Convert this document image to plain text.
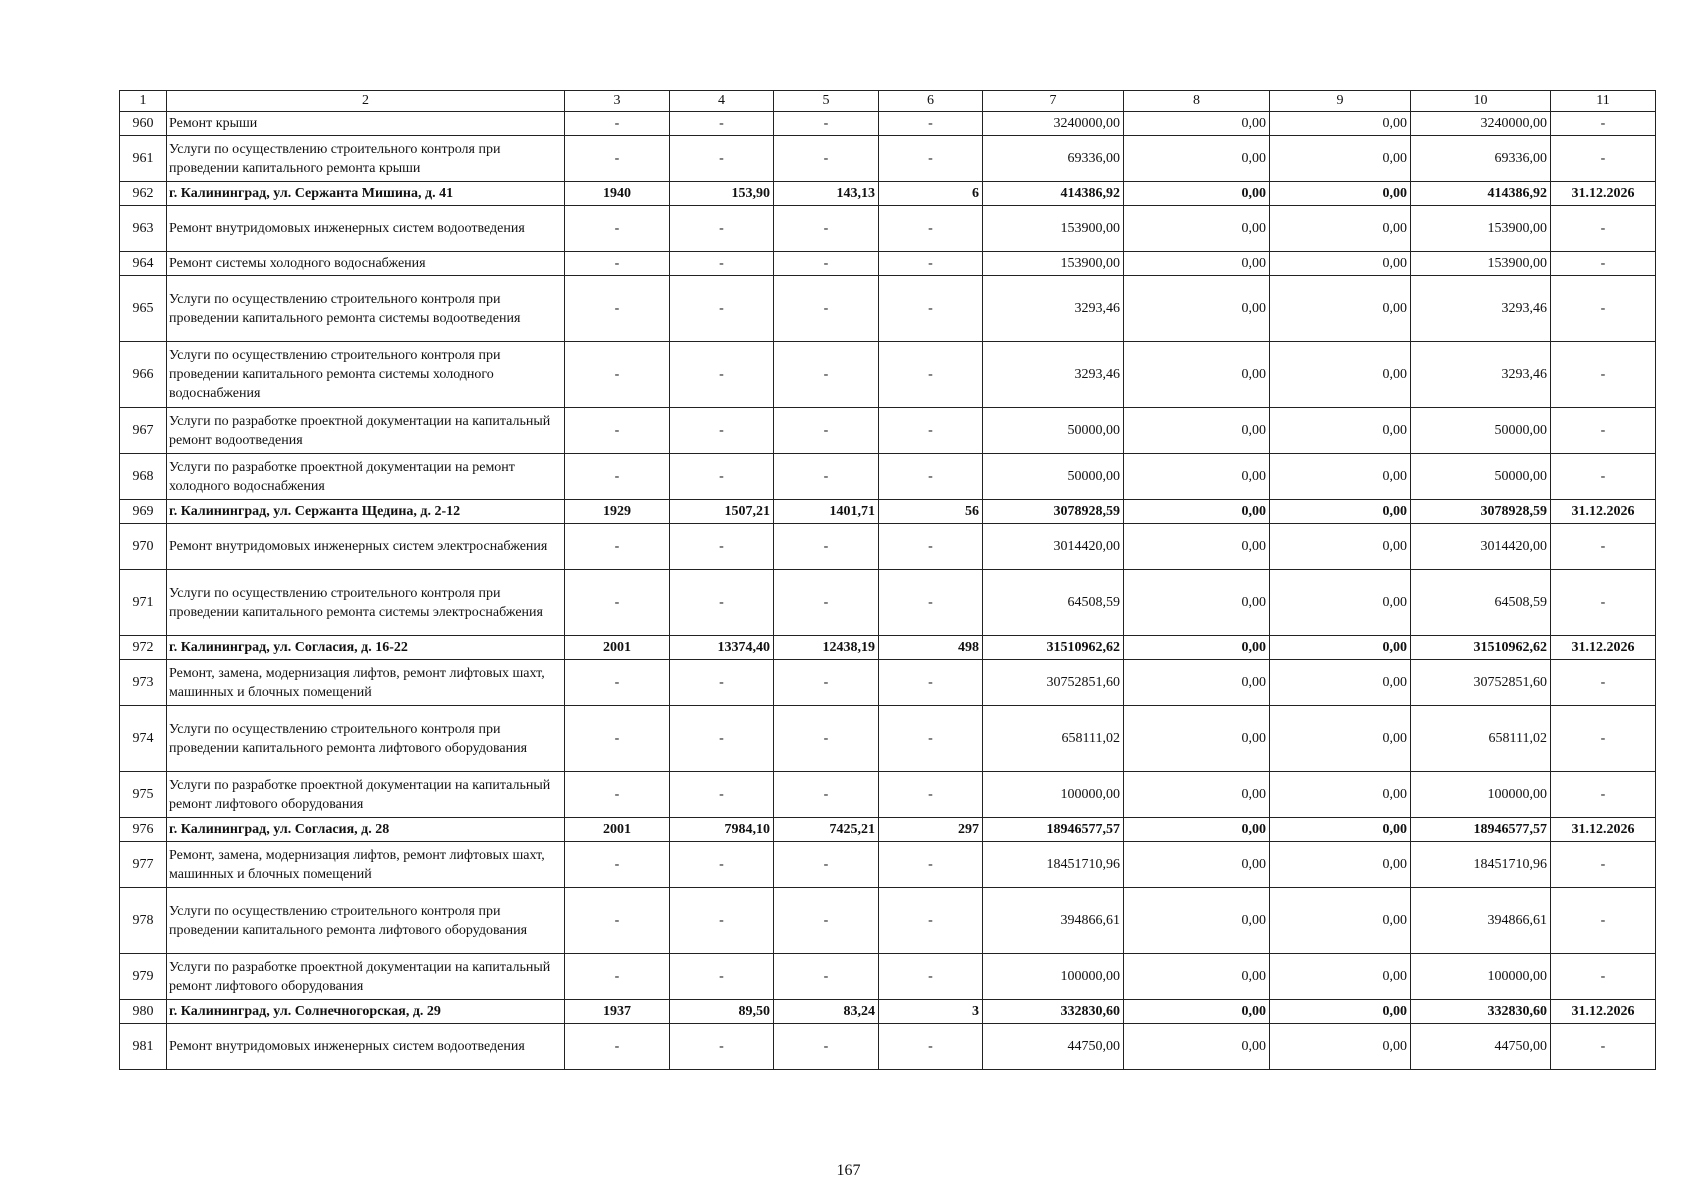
1	2	3	4	5	6	7	8	9	10	11
960	Ремонт крыши	-	-	-	-	3240000,00	0,00	0,00	3240000,00	-
961	Услуги по осуществлению строительного контроля при проведении капитального ремонта крыши	-	-	-	-	69336,00	0,00	0,00	69336,00	-
962	г. Калининград, ул. Сержанта Мишина, д. 41	1940	153,90	143,13	6	414386,92	0,00	0,00	414386,92	31.12.2026
963	Ремонт внутридомовых инженерных систем водоотведения	-	-	-	-	153900,00	0,00	0,00	153900,00	-
964	Ремонт системы холодного водоснабжения	-	-	-	-	153900,00	0,00	0,00	153900,00	-
965	Услуги по осуществлению строительного контроля при проведении капитального ремонта системы водоотведения	-	-	-	-	3293,46	0,00	0,00	3293,46	-
966	Услуги по осуществлению строительного контроля при проведении капитального ремонта системы холодного водоснабжения	-	-	-	-	3293,46	0,00	0,00	3293,46	-
967	Услуги по разработке проектной документации на капитальный ремонт водоотведения	-	-	-	-	50000,00	0,00	0,00	50000,00	-
968	Услуги по разработке проектной документации на ремонт холодного водоснабжения	-	-	-	-	50000,00	0,00	0,00	50000,00	-
969	г. Калининград, ул. Сержанта Щедина, д. 2-12	1929	1507,21	1401,71	56	3078928,59	0,00	0,00	3078928,59	31.12.2026
970	Ремонт внутридомовых инженерных систем электроснабжения	-	-	-	-	3014420,00	0,00	0,00	3014420,00	-
971	Услуги по осуществлению строительного контроля при проведении капитального ремонта системы электроснабжения	-	-	-	-	64508,59	0,00	0,00	64508,59	-
972	г. Калининград, ул. Согласия, д. 16-22	2001	13374,40	12438,19	498	31510962,62	0,00	0,00	31510962,62	31.12.2026
973	Ремонт, замена, модернизация лифтов, ремонт лифтовых шахт, машинных и блочных помещений	-	-	-	-	30752851,60	0,00	0,00	30752851,60	-
974	Услуги по осуществлению строительного контроля при проведении капитального ремонта лифтового оборудования	-	-	-	-	658111,02	0,00	0,00	658111,02	-
975	Услуги по разработке проектной документации на капитальный ремонт лифтового оборудования	-	-	-	-	100000,00	0,00	0,00	100000,00	-
976	г. Калининград, ул. Согласия, д. 28	2001	7984,10	7425,21	297	18946577,57	0,00	0,00	18946577,57	31.12.2026
977	Ремонт, замена, модернизация лифтов, ремонт лифтовых шахт, машинных и блочных помещений	-	-	-	-	18451710,96	0,00	0,00	18451710,96	-
978	Услуги по осуществлению строительного контроля при проведении капитального ремонта лифтового оборудования	-	-	-	-	394866,61	0,00	0,00	394866,61	-
979	Услуги по разработке проектной документации на капитальный ремонт лифтового оборудования	-	-	-	-	100000,00	0,00	0,00	100000,00	-
980	г. Калининград, ул. Солнечногорская, д. 29	1937	89,50	83,24	3	332830,60	0,00	0,00	332830,60	31.12.2026
981	Ремонт внутридомовых инженерных систем водоотведения	-	-	-	-	44750,00	0,00	0,00	44750,00	-
167
